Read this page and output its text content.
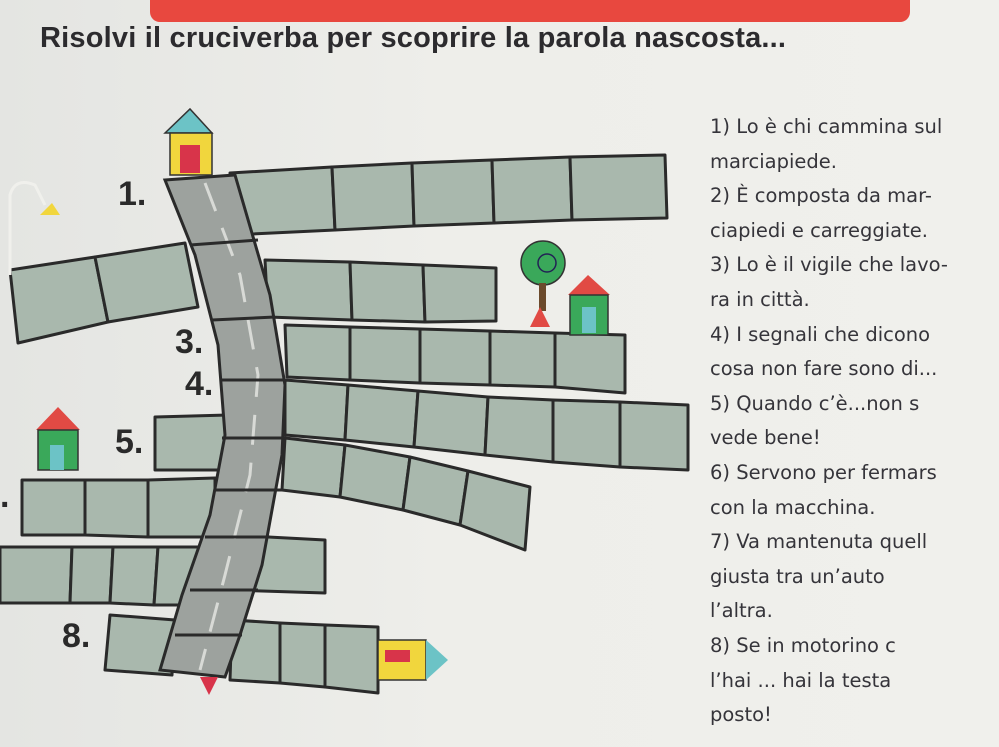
Risolvi il cruciverba per scoprire la parola nascosta...
1.
3.
4.
5.
.
8.
1) Lo è chi cammina sul
marciapiede.
2) È composta da mar-
ciapiedi e carreggiate.
3) Lo è il vigile che lavo-
ra in città.
4) I segnali che dicono
cosa non fare sono di...
5) Quando c’è...non s
vede bene!
6) Servono per fermars
con la macchina.
7) Va mantenuta quell
giusta tra un’auto
l’altra.
8) Se in motorino c
l’hai ... hai la testa
posto!
